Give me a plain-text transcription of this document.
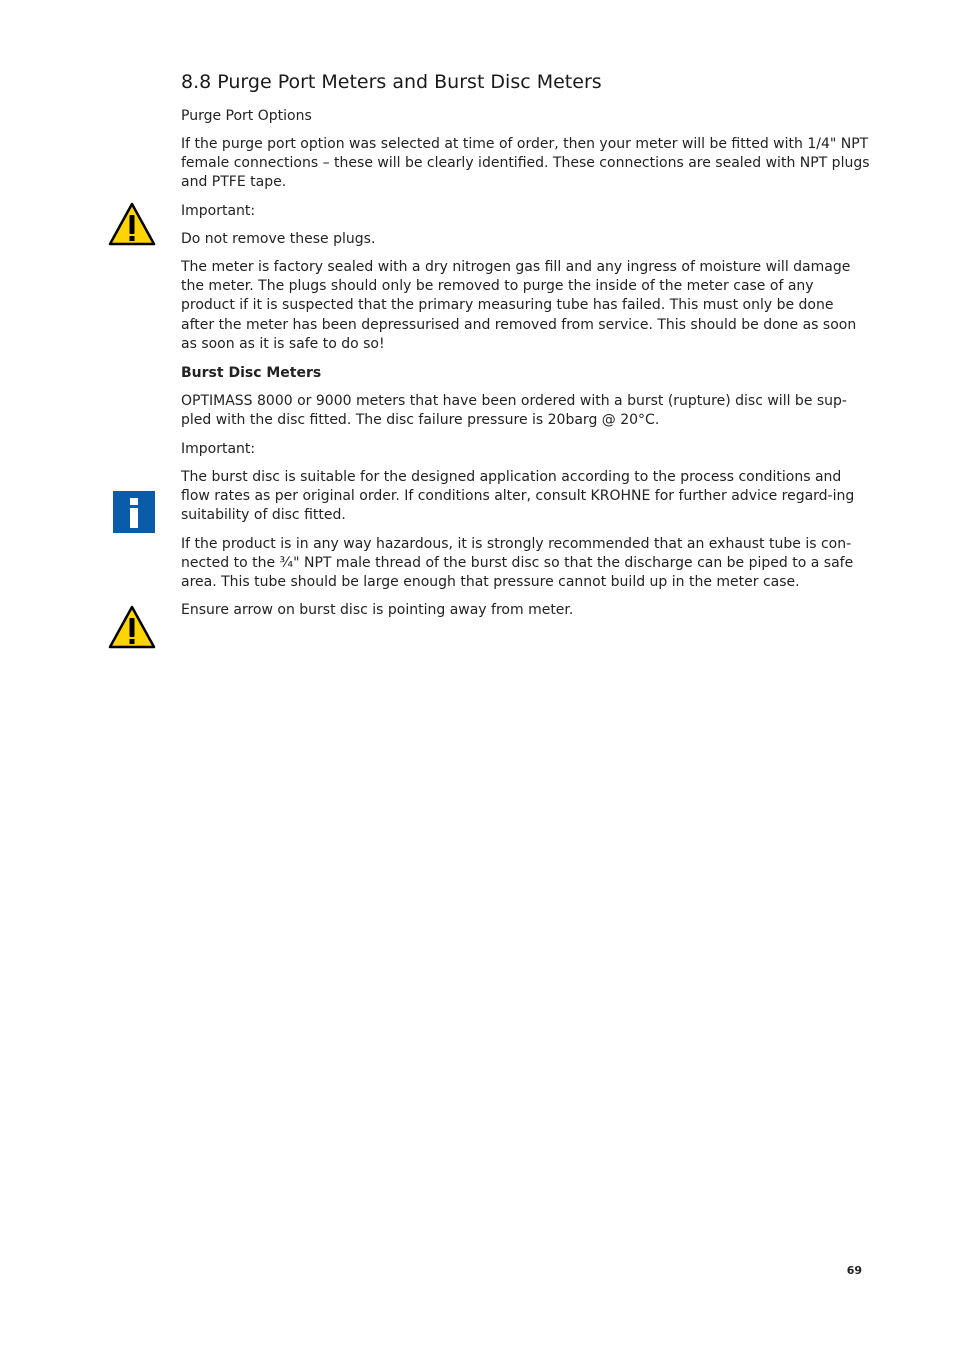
8.8 Purge Port Meters and Burst Disc Meters

Purge Port Options

If the purge port option was selected at time of order, then your meter will be fitted with 1/4" NPT female connections – these will be clearly identified. These connections are sealed with NPT plugs and PTFE tape.

Important:

Do not remove these plugs.

The meter is factory sealed with a dry nitrogen gas fill and any ingress of moisture will damage the meter. The plugs should only be removed to purge the inside of the meter case of any product if it is suspected that the primary measuring tube has failed. This must only be done after the meter has been depressurised and removed from service. This should be done as soon as soon as it is safe to do so!

Burst Disc Meters

OPTIMASS 8000 or 9000 meters that have been ordered with a burst (rupture) disc will be sup-pled with the disc fitted. The disc failure pressure is 20barg @ 20°C.

Important:

The burst disc is suitable for the designed application according to the process conditions and flow rates as per original order. If conditions alter, consult KROHNE for further advice regard-ing suitability of disc fitted.

If the product is in any way hazardous, it is strongly recommended that an exhaust tube is con-nected to the ¾" NPT male thread of the burst disc so that the discharge can be piped to a safe area. This tube should be large enough that pressure cannot build up in the meter case.

Ensure arrow on burst disc is pointing away from meter.

69
